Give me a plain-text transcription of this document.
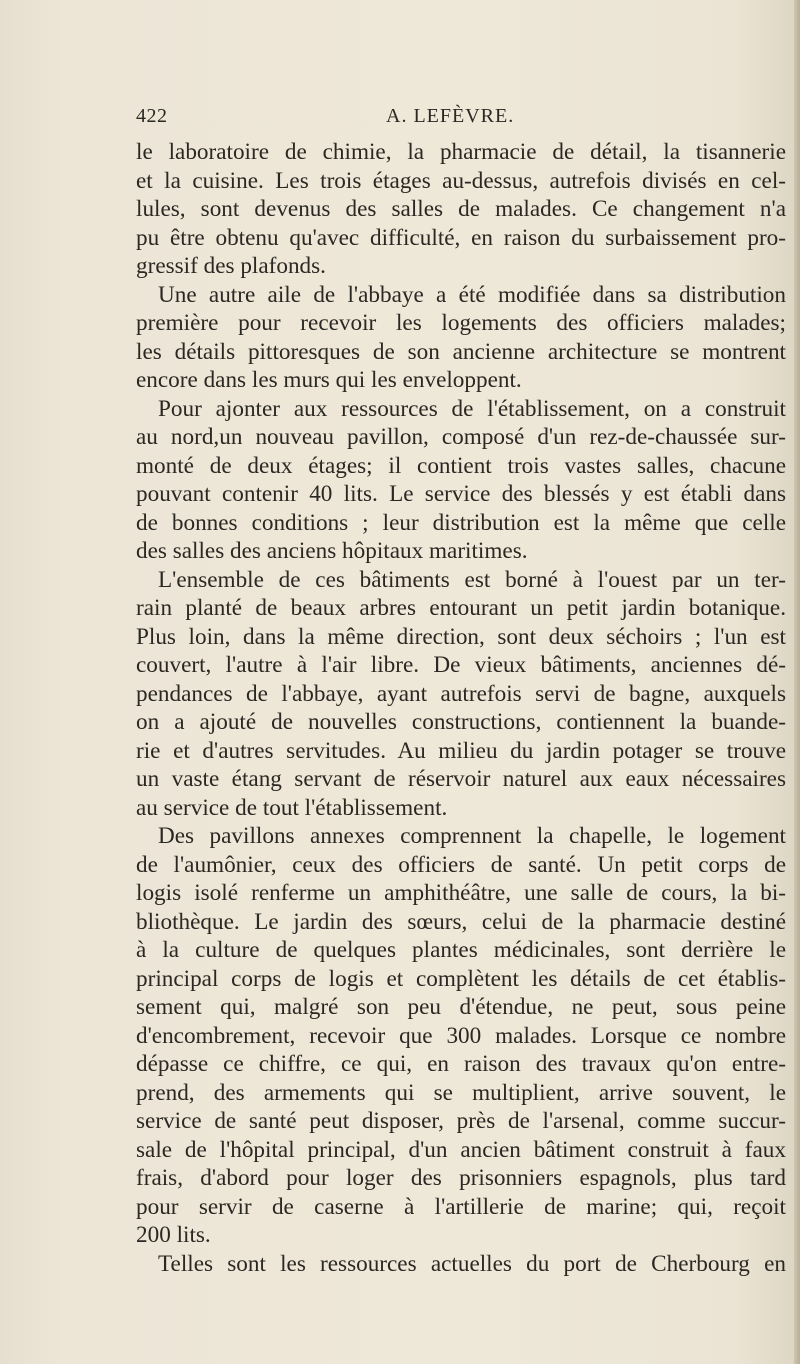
422	A. LEFÈVRE.
le laboratoire de chimie, la pharmacie de détail, la tisannerie
et la cuisine. Les trois étages au-dessus, autrefois divisés en cel-
lules, sont devenus des salles de malades. Ce changement n'a
pu être obtenu qu'avec difficulté, en raison du surbaissement pro-
gressif des plafonds.
Une autre aile de l'abbaye a été modifiée dans sa distribution
première pour recevoir les logements des officiers malades;
les détails pittoresques de son ancienne architecture se montrent
encore dans les murs qui les enveloppent.
Pour ajonter aux ressources de l'établissement, on a construit
au nord,un nouveau pavillon, composé d'un rez-de-chaussée sur-
monté de deux étages; il contient trois vastes salles, chacune
pouvant contenir 40 lits. Le service des blessés y est établi dans
de bonnes conditions ; leur distribution est la même que celle
des salles des anciens hôpitaux maritimes.
L'ensemble de ces bâtiments est borné à l'ouest par un ter-
rain planté de beaux arbres entourant un petit jardin botanique.
Plus loin, dans la même direction, sont deux séchoirs ; l'un est
couvert, l'autre à l'air libre. De vieux bâtiments, anciennes dé-
pendances de l'abbaye, ayant autrefois servi de bagne, auxquels
on a ajouté de nouvelles constructions, contiennent la buande-
rie et d'autres servitudes. Au milieu du jardin potager se trouve
un vaste étang servant de réservoir naturel aux eaux nécessaires
au service de tout l'établissement.
Des pavillons annexes comprennent la chapelle, le logement
de l'aumônier, ceux des officiers de santé. Un petit corps de
logis isolé renferme un amphithéâtre, une salle de cours, la bi-
bliothèque. Le jardin des sœurs, celui de la pharmacie destiné
à la culture de quelques plantes médicinales, sont derrière le
principal corps de logis et complètent les détails de cet établis-
sement qui, malgré son peu d'étendue, ne peut, sous peine
d'encombrement, recevoir que 300 malades. Lorsque ce nombre
dépasse ce chiffre, ce qui, en raison des travaux qu'on entre-
prend, des armements qui se multiplient, arrive souvent, le
service de santé peut disposer, près de l'arsenal, comme succur-
sale de l'hôpital principal, d'un ancien bâtiment construit à faux
frais, d'abord pour loger des prisonniers espagnols, plus tard
pour servir de caserne à l'artillerie de marine; qui, reçoit
200 lits.
Telles sont les ressources actuelles du port de Cherbourg en
